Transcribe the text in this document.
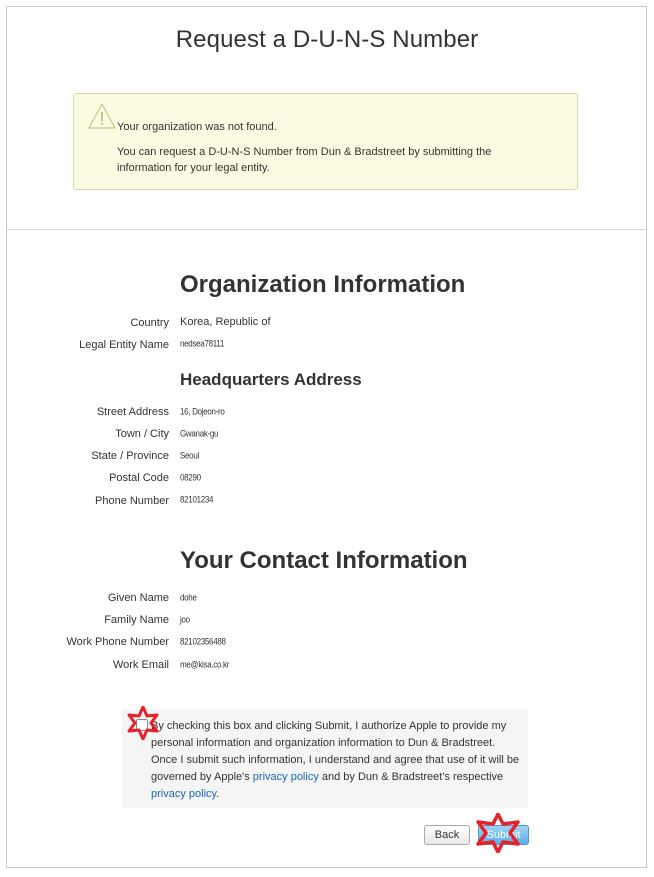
Request a D-U-N-S Number
Your organization was not found.
You can request a D-U-N-S Number from Dun & Bradstreet by submitting the information for your legal entity.
Organization Information
Country Korea, Republic of
Legal Entity Name nedsea78111
Headquarters Address
Street Address 16, Dojeon-ro
Town / City Gwanak-gu
State / Province Seoul
Postal Code 08290
Phone Number 82101234
Your Contact Information
Given Name dohe
Family Name joo
Work Phone Number 82102356488
Work Email me@kisa.co.kr
By checking this box and clicking Submit, I authorize Apple to provide my personal information and organization information to Dun & Bradstreet. Once I submit such information, I understand and agree that use of it will be governed by Apple's privacy policy and by Dun & Bradstreet's respective privacy policy.
Back	Submit
